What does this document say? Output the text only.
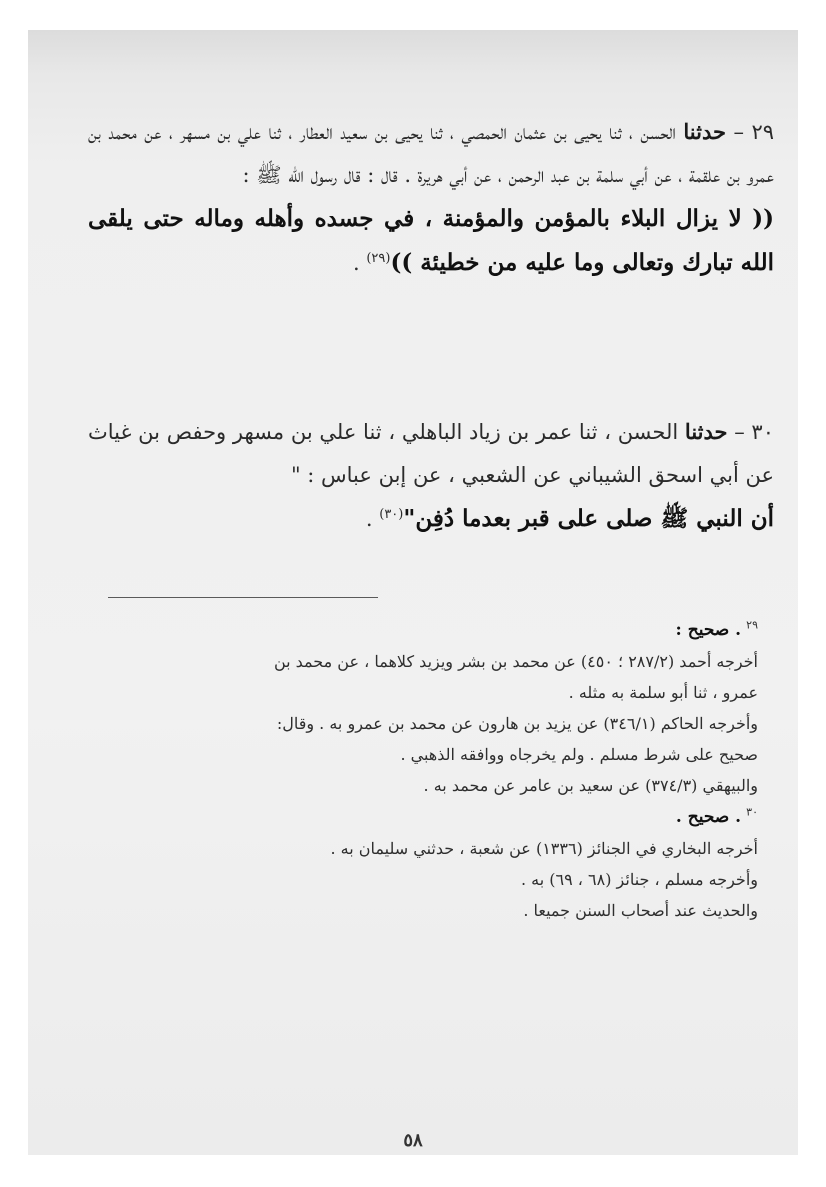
٢٩ – حدثنا الحسن ، ثنا يحيى بن عثمان الحمصي ، ثنا يحيى بن سعيد العطار ، ثنا علي بن مسهر ، عن محمد بن عمرو بن علقمة ، عن أبي سلمة بن عبد الرحمن ، عن أبي هريرة . قال : قال رسول الله ﷺ :
(( لا يزال البلاء بالمؤمن والمؤمنة ، في جسده وأهله وماله حتى يلقى الله تبارك وتعالى وما عليه من خطيئة ))$^{(٢٩)}$ .
٣٠ – حدثنا الحسن ، ثنا عمر بن زياد الباهلي ، ثنا علي بن مسهر وحفص بن غياث عن أبي اسحق الشيباني عن الشعبي ، عن إبن عباس : "
أن النبي ﷺ صلى على قبر بعدما دُفِن"$^{(٣٠)}$ .
$^{٢٩}$ . صحيح :
أخرجه أحمد (٢٨٧/٢ ؛ ٤٥٠) عن محمد بن بشر ويزيد كلاهما ، عن محمد بن
عمرو ، ثنا أبو سلمة به مثله .
وأخرجه الحاكم (٣٤٦/١) عن يزيد بن هارون عن محمد بن عمرو به . وقال:
صحيح على شرط مسلم . ولم يخرجاه ووافقه الذهبي .
والبيهقي (٣٧٤/٣) عن سعيد بن عامر عن محمد به .
$^{٣٠}$ . صحيح .
أخرجه البخاري في الجنائز (١٣٣٦) عن شعبة ، حدثني سليمان به .
وأخرجه مسلم ، جنائز (٦٨ ، ٦٩) به .
والحديث عند أصحاب السنن جميعا .
٥٨
